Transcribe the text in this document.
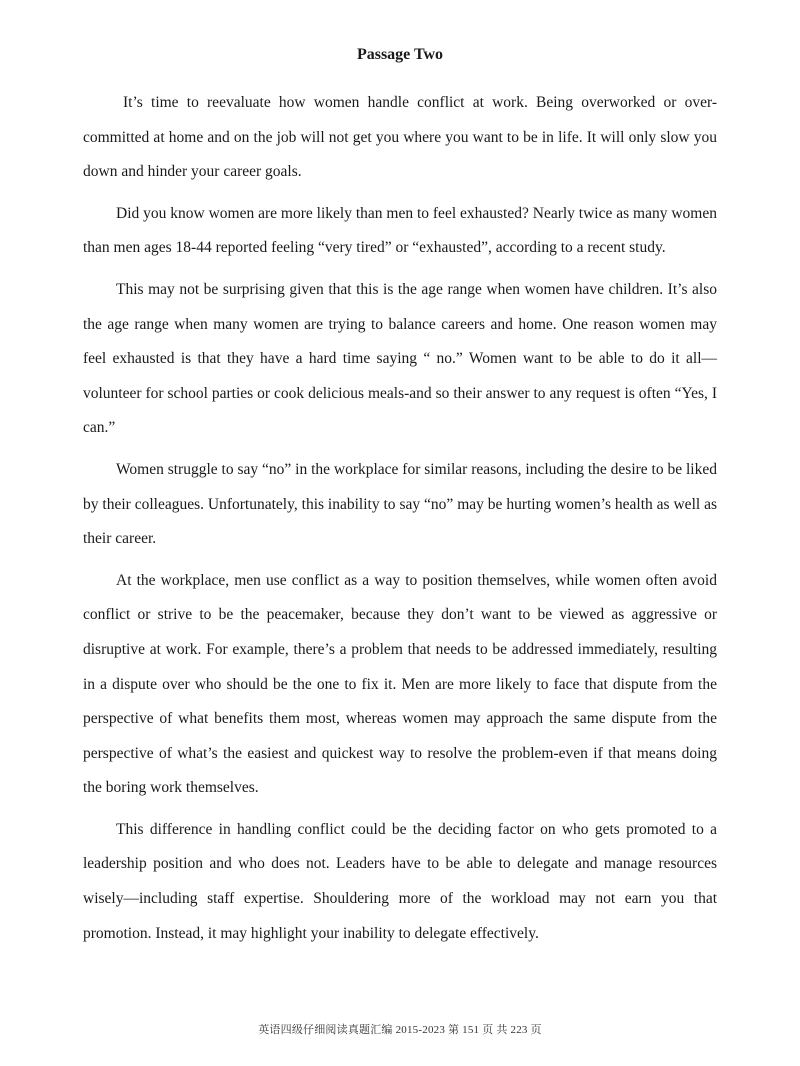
Passage Two

It’s time to reevaluate how women handle conflict at work. Being overworked or over-committed at home and on the job will not get you where you want to be in life. It will only slow you down and hinder your career goals.

Did you know women are more likely than men to feel exhausted? Nearly twice as many women than men ages 18-44 reported feeling “very tired” or “exhausted”, according to a recent study.

This may not be surprising given that this is the age range when women have children. It’s also the age range when many women are trying to balance careers and home. One reason women may feel exhausted is that they have a hard time saying “ no.” Women want to be able to do it all—volunteer for school parties or cook delicious meals-and so their answer to any request is often “Yes, I can.”

Women struggle to say “no” in the workplace for similar reasons, including the desire to be liked by their colleagues. Unfortunately, this inability to say “no” may be hurting women’s health as well as their career.

At the workplace, men use conflict as a way to position themselves, while women often avoid conflict or strive to be the peacemaker, because they don’t want to be viewed as aggressive or disruptive at work. For example, there’s a problem that needs to be addressed immediately, resulting in a dispute over who should be the one to fix it. Men are more likely to face that dispute from the perspective of what benefits them most, whereas women may approach the same dispute from the perspective of what’s the easiest and quickest way to resolve the problem-even if that means doing the boring work themselves.

This difference in handling conflict could be the deciding factor on who gets promoted to a leadership position and who does not. Leaders have to be able to delegate and manage resources wisely—including staff expertise. Shouldering more of the workload may not earn you that promotion. Instead, it may highlight your inability to delegate effectively.

英语四级仔细阅读真题汇编 2015-2023 第 151 页 共 223 页
